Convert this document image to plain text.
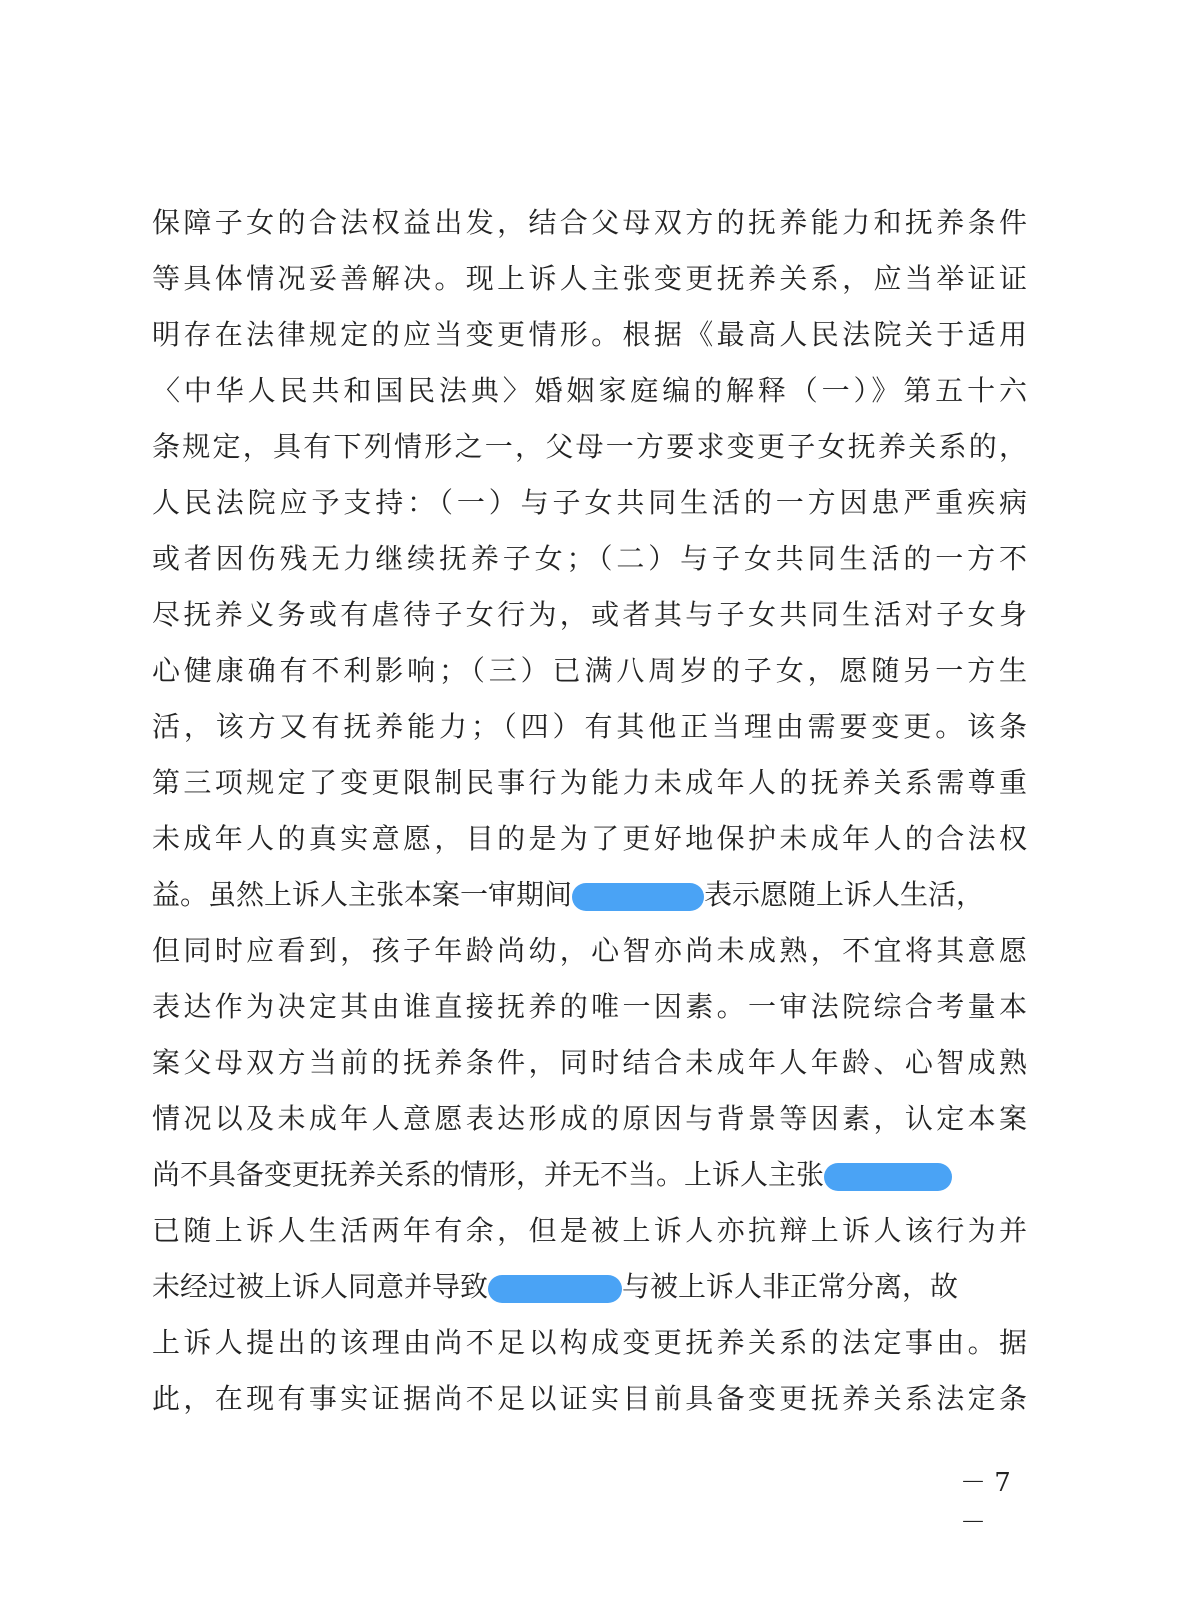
保障子女的合法权益出发，结合父母双方的抚养能力和抚养条件
等具体情况妥善解决。现上诉人主张变更抚养关系，应当举证证
明存在法律规定的应当变更情形。根据《最高人民法院关于适用
〈中华人民共和国民法典〉婚姻家庭编的解释（一）》第五十六
条规定，具有下列情形之一，父母一方要求变更子女抚养关系的，
人民法院应予支持：（一）与子女共同生活的一方因患严重疾病
或者因伤残无力继续抚养子女；（二）与子女共同生活的一方不
尽抚养义务或有虐待子女行为，或者其与子女共同生活对子女身
心健康确有不利影响；（三）已满八周岁的子女，愿随另一方生
活，该方又有抚养能力；（四）有其他正当理由需要变更。该条
第三项规定了变更限制民事行为能力未成年人的抚养关系需尊重
未成年人的真实意愿，目的是为了更好地保护未成年人的合法权
益。虽然上诉人主张本案一审期间	表示愿随上诉人生活，
但同时应看到，孩子年龄尚幼，心智亦尚未成熟，不宜将其意愿
表达作为决定其由谁直接抚养的唯一因素。一审法院综合考量本
案父母双方当前的抚养条件，同时结合未成年人年龄、心智成熟
情况以及未成年人意愿表达形成的原因与背景等因素，认定本案
尚不具备变更抚养关系的情形，并无不当。上诉人主张
已随上诉人生活两年有余，但是被上诉人亦抗辩上诉人该行为并
未经过被上诉人同意并导致	与被上诉人非正常分离，故
上诉人提出的该理由尚不足以构成变更抚养关系的法定事由。据
此，在现有事实证据尚不足以证实目前具备变更抚养关系法定条
－ 7 －
